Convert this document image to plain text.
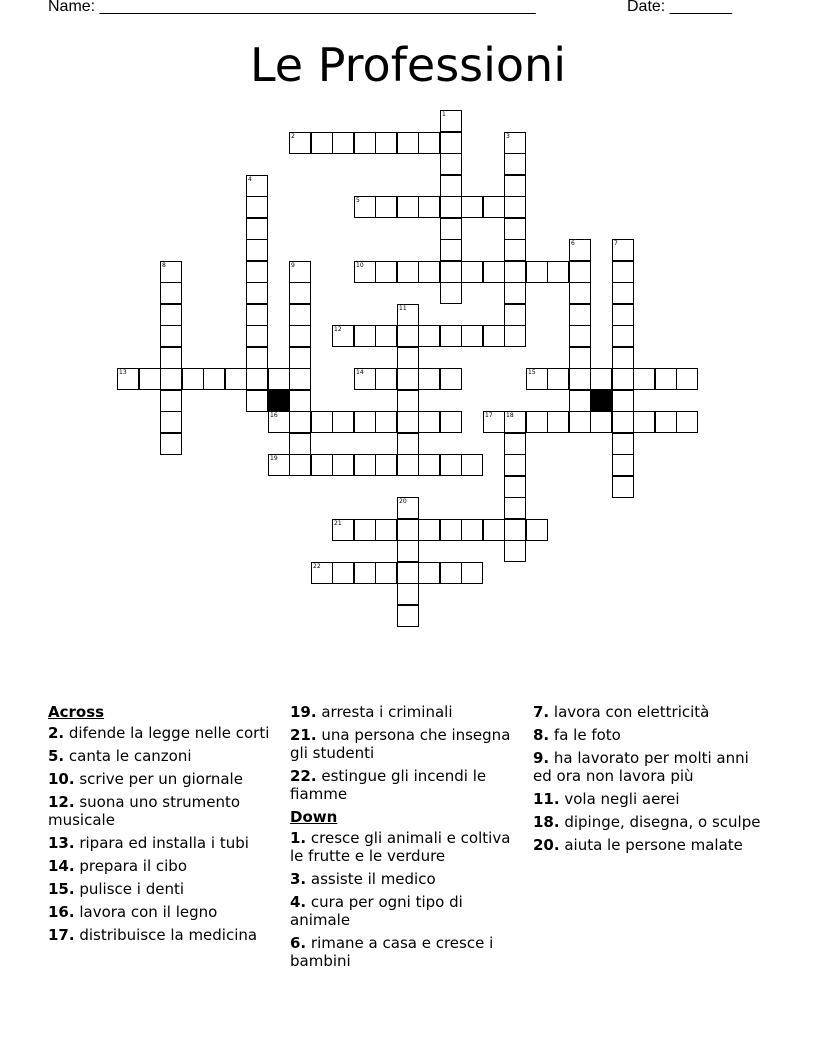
Name: _________________________________________________	Date: _______
Le Professioni
2
5
10
12
13	14	15
16	17 18
19
21
22
1
3
4
6	7
8	9
11
20
Across
2. difende la legge nelle corti
5. canta le canzoni
10. scrive per un giornale
12. suona uno strumento musicale
13. ripara ed installa i tubi
14. prepara il cibo
15. pulisce i denti
16. lavora con il legno
17. distribuisce la medicina
19. arresta i criminali
21. una persona che insegna gli studenti
22. estingue gli incendi le fiamme
Down
1. cresce gli animali e coltiva le frutte e le verdure
3. assiste il medico
4. cura per ogni tipo di animale
6. rimane a casa e cresce i bambini
7. lavora con elettricità
8. fa le foto
9. ha lavorato per molti anni ed ora non lavora più
11. vola negli aerei
18. dipinge, disegna, o sculpe
20. aiuta le persone malate
